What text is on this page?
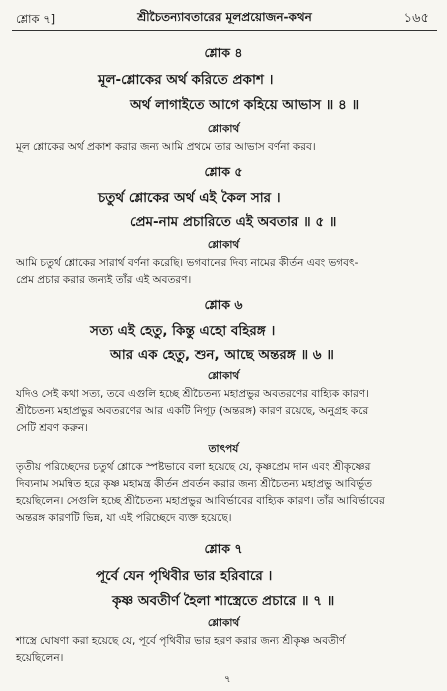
শ্লোক ৭]	শ্রীচৈতন্যাবতারের মূলপ্রয়োজন-কথন	১৬৫
শ্লোক ৪
মূল-শ্লোকের অর্থ করিতে প্রকাশ ।
অর্থ লাগাইতে আগে কহিয়ে আভাস ॥ ৪ ॥
শ্লোকার্থ
মূল শ্লোকের অর্থ প্রকাশ করার জন্য আমি প্রথমে তার আভাস বর্ণনা করব।
শ্লোক ৫
চতুর্থ শ্লোকের অর্থ এই কৈল সার ।
প্রেম-নাম প্রচারিতে এই অবতার ॥ ৫ ॥
শ্লোকার্থ
আমি চতুর্থ শ্লোকের সারার্থ বর্ণনা করেছি। ভগবানের দিব্য নামের কীর্তন এবং ভগবৎ-
প্রেম প্রচার করার জন্যই তাঁর এই অবতরণ।
শ্লোক ৬
সত্য এই হেতু, কিন্তু এহো বহিরঙ্গ ।
আর এক হেতু, শুন, আছে অন্তরঙ্গ ॥ ৬ ॥
শ্লোকার্থ
যদিও সেই কথা সত্য, তবে এগুলি হচ্ছে শ্রীচৈতন্য মহাপ্রভুর অবতরণের বাহ্যিক কারণ।
শ্রীচৈতন্য মহাপ্রভুর অবতরণের আর একটি নিগূঢ় (অন্তরঙ্গ) কারণ রয়েছে, অনুগ্রহ করে
সেটি শ্রবণ করুন।
তাৎপর্য
তৃতীয় পরিচ্ছেদের চতুর্থ শ্লোকে স্পষ্টভাবে বলা হয়েছে যে, কৃষ্ণপ্রেম দান এবং শ্রীকৃষ্ণের
দিব্যনাম সমন্বিত হরে কৃষ্ণ মহামন্ত্র কীর্তন প্রবর্তন করার জন্য শ্রীচৈতন্য মহাপ্রভু আবির্ভূত
হয়েছিলেন। সেগুলি হচ্ছে শ্রীচৈতন্য মহাপ্রভুর আবির্ভাবের বাহ্যিক কারণ। তাঁর আবির্ভাবের
অন্তরঙ্গ কারণটি ভিন্ন, যা এই পরিচ্ছেদে ব্যক্ত হয়েছে।
শ্লোক ৭
পূর্বে যেন পৃথিবীর ভার হরিবারে ।
কৃষ্ণ অবতীর্ণ হৈলা শাস্ত্রেতে প্রচারে ॥ ৭ ॥
শ্লোকার্থ
শাস্ত্রে ঘোষণা করা হয়েছে যে, পূর্বে পৃথিবীর ভার হরণ করার জন্য শ্রীকৃষ্ণ অবতীর্ণ
হয়েছিলেন।
৭
